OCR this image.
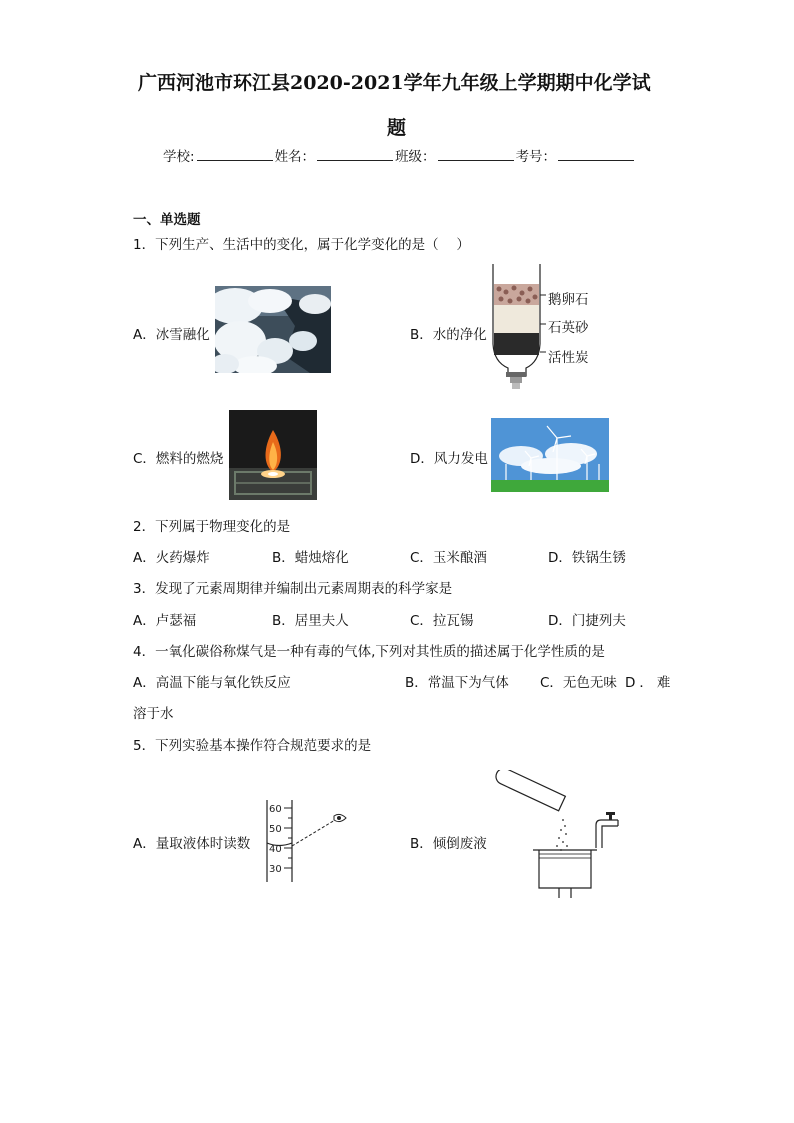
广西河池市环江县2020-2021学年九年级上学期期中化学试
题
学校:	姓名：	班级：	考号：
一、单选题
1．下列生产、生活中的变化，属于化学变化的是（　 ）
A．冰雪融化	B．水的净化
C．燃料的燃烧	D．风力发电
鹅卵石
石英砂
活性炭
2．下列属于物理变化的是
A．火药爆炸	B．蜡烛熔化	C．玉米酿酒	D．铁锅生锈
3．发现了元素周期律并编制出元素周期表的科学家是
A．卢瑟福	B．居里夫人	C．拉瓦锡	D．门捷列夫
4．一氧化碳俗称煤气是一种有毒的气体,下列对其性质的描述属于化学性质的是
A．高温下能与氧化铁反应	B．常温下为气体 C．无色无味 D．难
溶于水
5．下列实验基本操作符合规范要求的是
A．量取液体时读数	B．倾倒废液
60
50
40
30
